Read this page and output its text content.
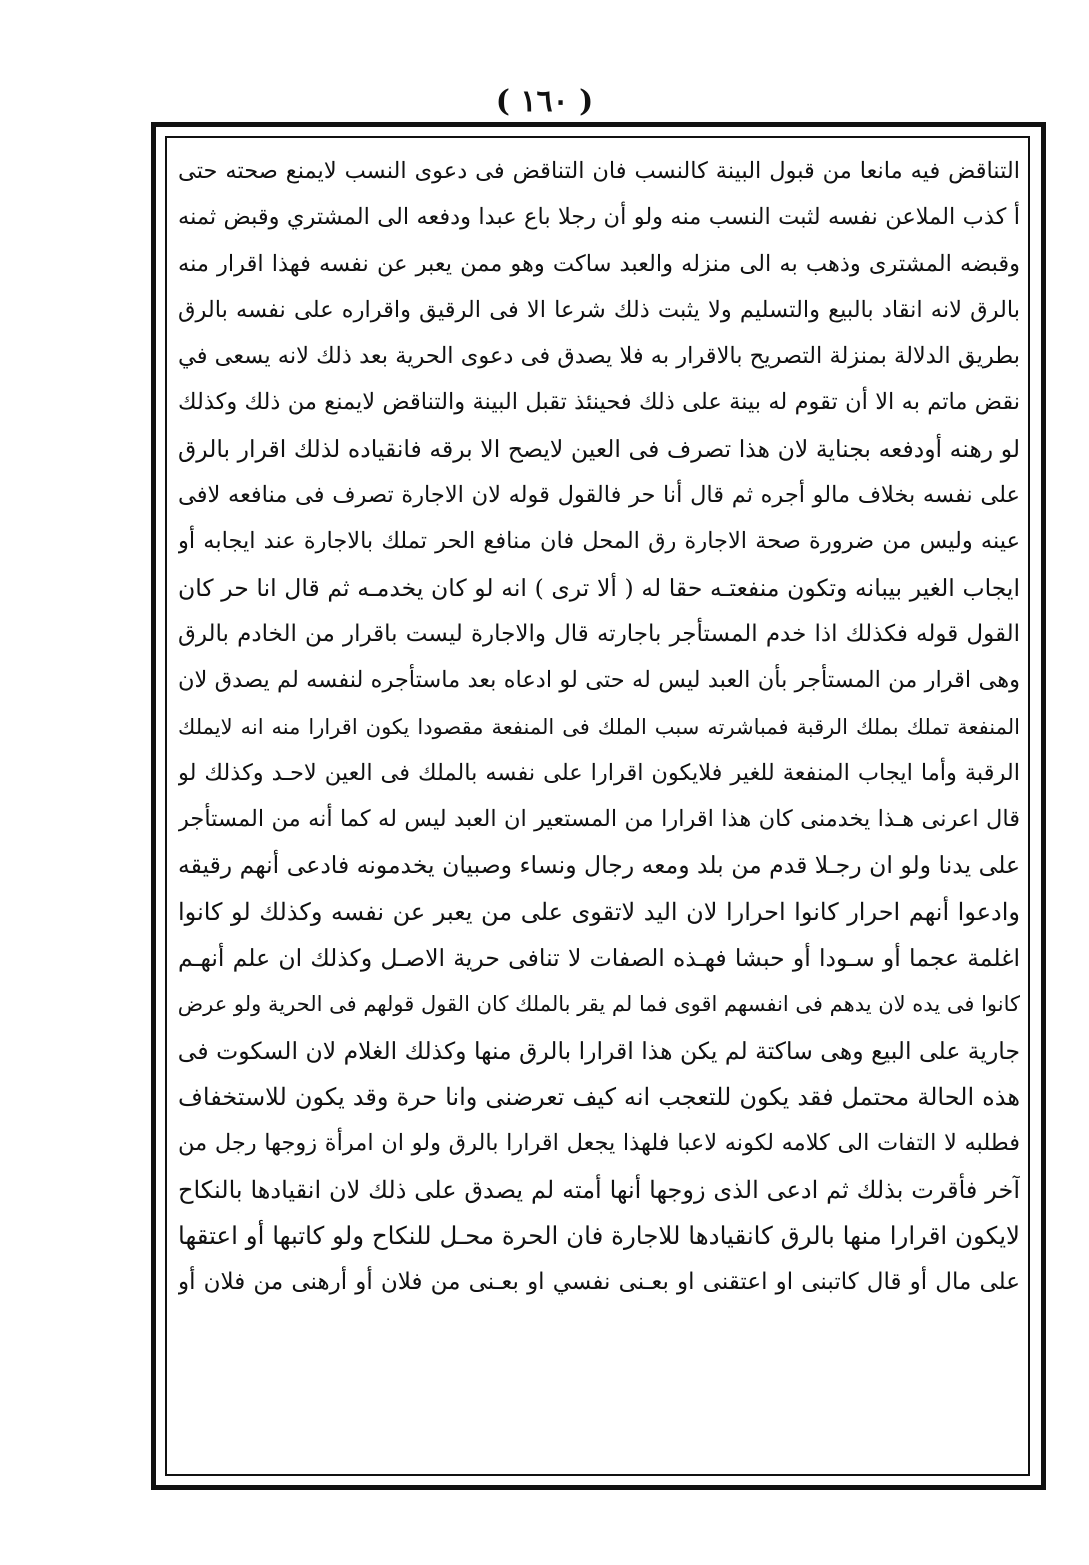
( ١٦٠ )
التناقض فيه مانعا من قبول البينة كالنسب فان التناقض فى دعوى النسب لايمنع صحته حتى
أ كذب الملاعن نفسه لثبت النسب منه ولو أن رجلا باع عبدا ودفعه الى المشتري وقبض ثمنه
وقبضه المشترى وذهب به الى منزله والعبد ساكت وهو ممن يعبر عن نفسه فهذا اقرار منه
بالرق لانه انقاد بالبيع والتسليم ولا يثبت ذلك شرعا الا فى الرقيق واقراره على نفسه بالرق
بطريق الدلالة بمنزلة التصريح بالاقرار به فلا يصدق فى دعوى الحرية بعد ذلك لانه يسعى في
نقض ماتم به الا أن تقوم له بينة على ذلك فحينئذ تقبل البينة والتناقض لايمنع من ذلك وكذلك
لو رهنه أودفعه بجناية لان هذا تصرف فى العين لايصح الا برقه فانقياده لذلك اقرار بالرق
على نفسه بخلاف مالو أجره ثم قال أنا حر فالقول قوله لان الاجارة تصرف فى منافعه لافى
عينه وليس من ضرورة صحة الاجارة رق المحل فان منافع الحر تملك بالاجارة عند ايجابه أو
ايجاب الغير بيبانه وتكون منفعتـه حقا له ( ألا ترى ) انه لو كان يخدمـه ثم قال انا حر كان
القول قوله فكذلك اذا خدم المستأجر باجارته قال والاجارة ليست باقرار من الخادم بالرق
وهى اقرار من المستأجر بأن العبد ليس له حتى لو ادعاه بعد ماستأجره لنفسه لم يصدق لان
المنفعة تملك بملك الرقبة فمباشرته سبب الملك فى المنفعة مقصودا يكون اقرارا منه انه لايملك
الرقبة وأما ايجاب المنفعة للغير فلايكون اقرارا على نفسه بالملك فى العين لاحـد وكذلك لو
قال اعرنى هـذا يخدمنى كان هذا اقرارا من المستعير ان العبد ليس له كما أنه من المستأجر
على يدنا ولو ان رجـلا قدم من بلد ومعه رجال ونساء وصبيان يخدمونه فادعى أنهم رقيقه
وادعوا أنهم احرار كانوا احرارا لان اليد لاتقوى على من يعبر عن نفسه وكذلك لو كانوا
اغلمة عجما أو سـودا أو حبشا فهـذه الصفات لا تنافى حرية الاصـل وكذلك ان علم أنهـم
كانوا فى يده لان يدهم فى انفسهم اقوى فما لم يقر بالملك كان القول قولهم فى الحرية ولو عرض
جارية على البيع وهى ساكتة لم يكن هذا اقرارا بالرق منها وكذلك الغلام لان السكوت فى
هذه الحالة محتمل فقد يكون للتعجب انه كيف تعرضنى وانا حرة وقد يكون للاستخفاف
فطلبه لا التفات الى كلامه لكونه لاعبا فلهذا يجعل اقرارا بالرق ولو ان امرأة زوجها رجل من
آخر فأقرت بذلك ثم ادعى الذى زوجها أنها أمته لم يصدق على ذلك لان انقيادها بالنكاح
لايكون اقرارا منها بالرق كانقيادها للاجارة فان الحرة محـل للنكاح ولو كاتبها أو اعتقها
على مال أو قال كاتبنى او اعتقنى او بعـنى نفسي او بعـنى من فلان أو أرهنى من فلان أو
